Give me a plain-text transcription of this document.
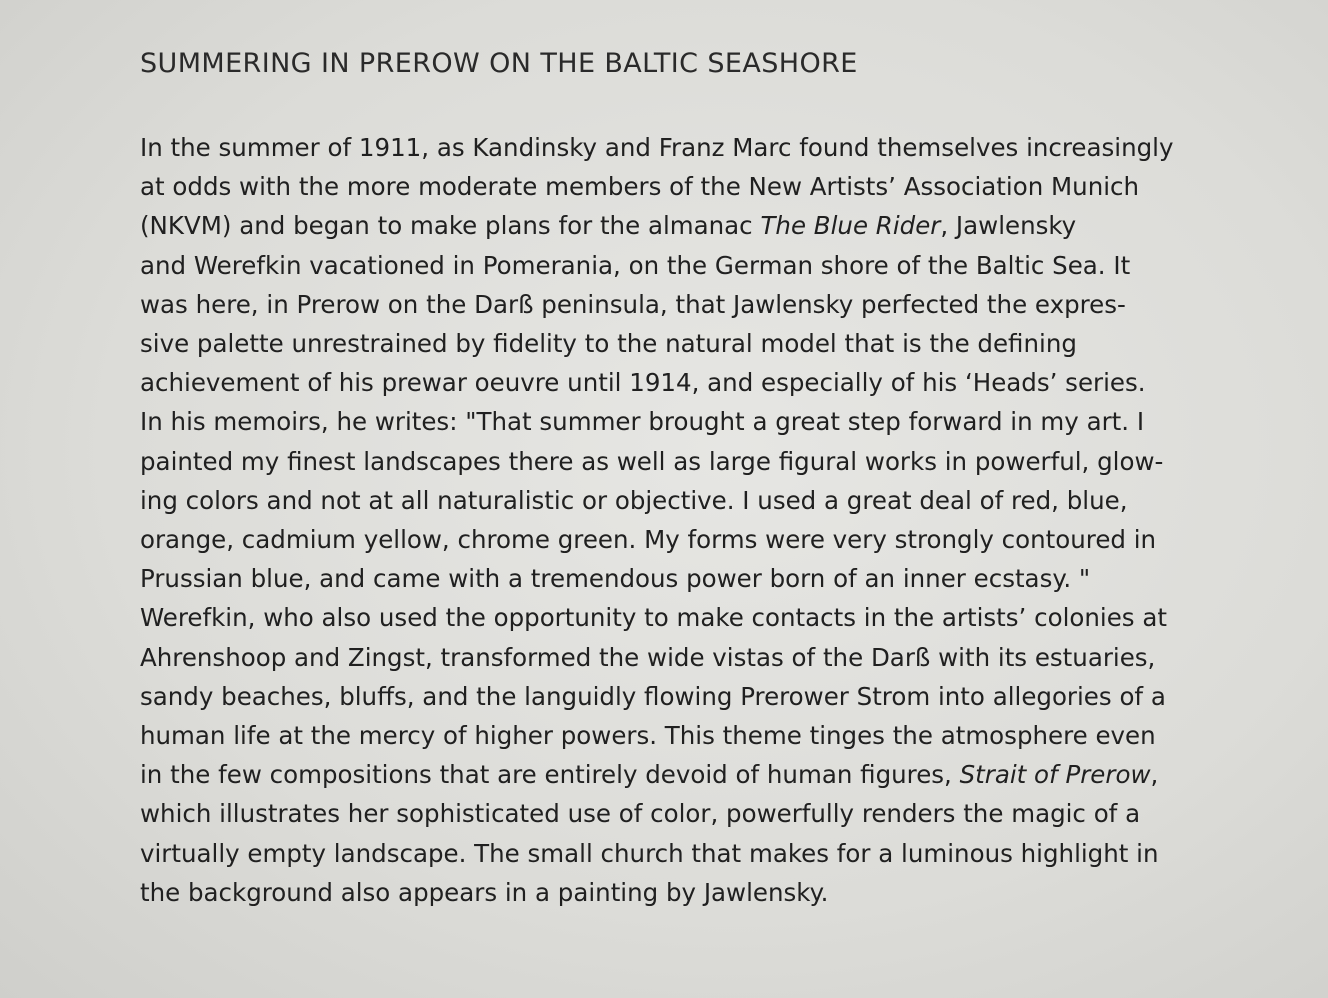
SUMMERING IN PREROW ON THE BALTIC SEASHORE

In the summer of 1911, as Kandinsky and Franz Marc found themselves increasingly
at odds with the more moderate members of the New Artists’ Association Munich
(NKVM) and began to make plans for the almanac The Blue Rider, Jawlensky
and Werefkin vacationed in Pomerania, on the German shore of the Baltic Sea. It
was here, in Prerow on the Darß peninsula, that Jawlensky perfected the expres-
sive palette unrestrained by fidelity to the natural model that is the defining
achievement of his prewar oeuvre until 1914, and especially of his ‘Heads’ series.
In his memoirs, he writes: "That summer brought a great step forward in my art. I
painted my finest landscapes there as well as large figural works in powerful, glow-
ing colors and not at all naturalistic or objective. I used a great deal of red, blue,
orange, cadmium yellow, chrome green. My forms were very strongly contoured in
Prussian blue, and came with a tremendous power born of an inner ecstasy. "
Werefkin, who also used the opportunity to make contacts in the artists’ colonies at
Ahrenshoop and Zingst, transformed the wide vistas of the Darß with its estuaries,
sandy beaches, bluffs, and the languidly flowing Prerower Strom into allegories of a
human life at the mercy of higher powers. This theme tinges the atmosphere even
in the few compositions that are entirely devoid of human figures, Strait of Prerow,
which illustrates her sophisticated use of color, powerfully renders the magic of a
virtually empty landscape. The small church that makes for a luminous highlight in
the background also appears in a painting by Jawlensky.
